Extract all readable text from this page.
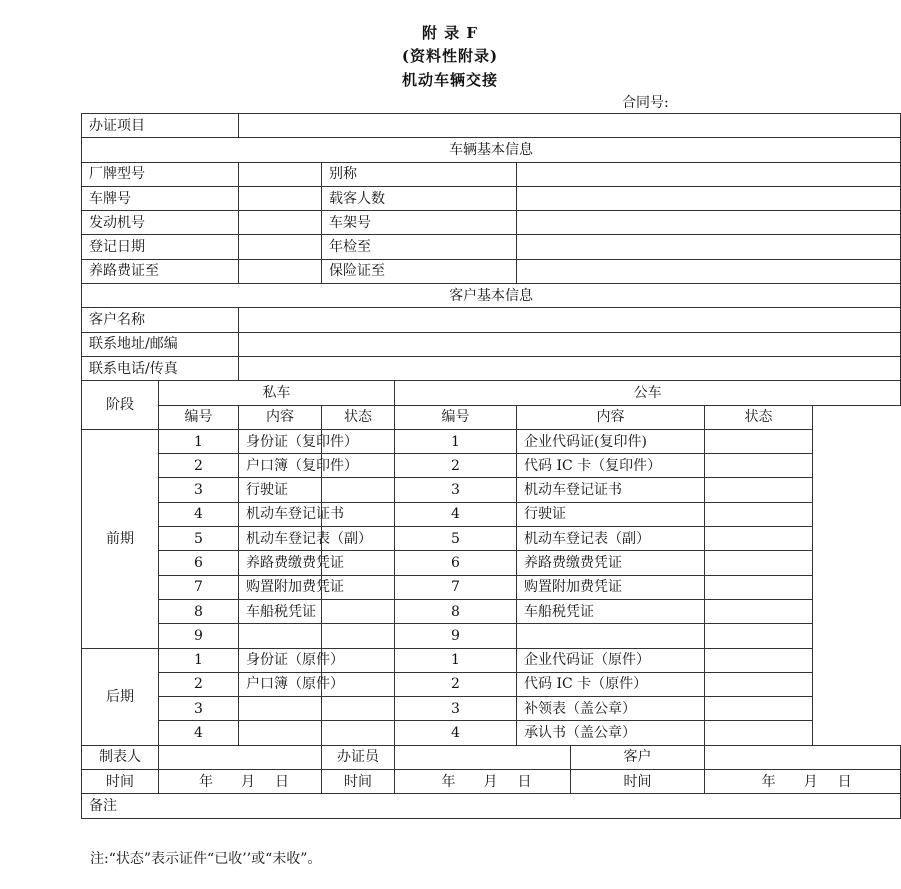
附 录 F
(资料性附录)
机动车辆交接
合同号:
办证项目							
车辆基本信息							
厂牌型号			别称				
车牌号			载客人数				
发动机号			车架号				
登记日期			年检至				
养路费证至			保险证至				
客户基本信息							
客户名称							
联系地址/邮编							
联系电话/传真							
阶段	私车			公车			
	编号	内容	状态	编号	内容		状态
前期	1	身份证（复印件）		1	企业代码证(复印件)		
	2	户口簿（复印件）		2	代码 IC 卡（复印件）		
	3	行驶证		3	机动车登记证书		
	4	机动车登记证书		4	行驶证		
	5	机动车登记表（副）		5	机动车登记表（副）		
	6	养路费缴费凭证		6	养路费缴费凭证		
	7	购置附加费凭证		7	购置附加费凭证		
	8	车船税凭证		8	车船税凭证		
	9			9			
后期	1	身份证（原件）		1	企业代码证（原件）		
	2	户口簿（原件）		2	代码 IC 卡（原件）		
	3			3	补领表（盖公章）		
	4			4	承认书（盖公章）		
制表人			办证员			客户	
时间	年 月 日		时间	年 月 日		时间	年 月 日
备注							
注:“状态”表示证件“已收’’或“未收”。
